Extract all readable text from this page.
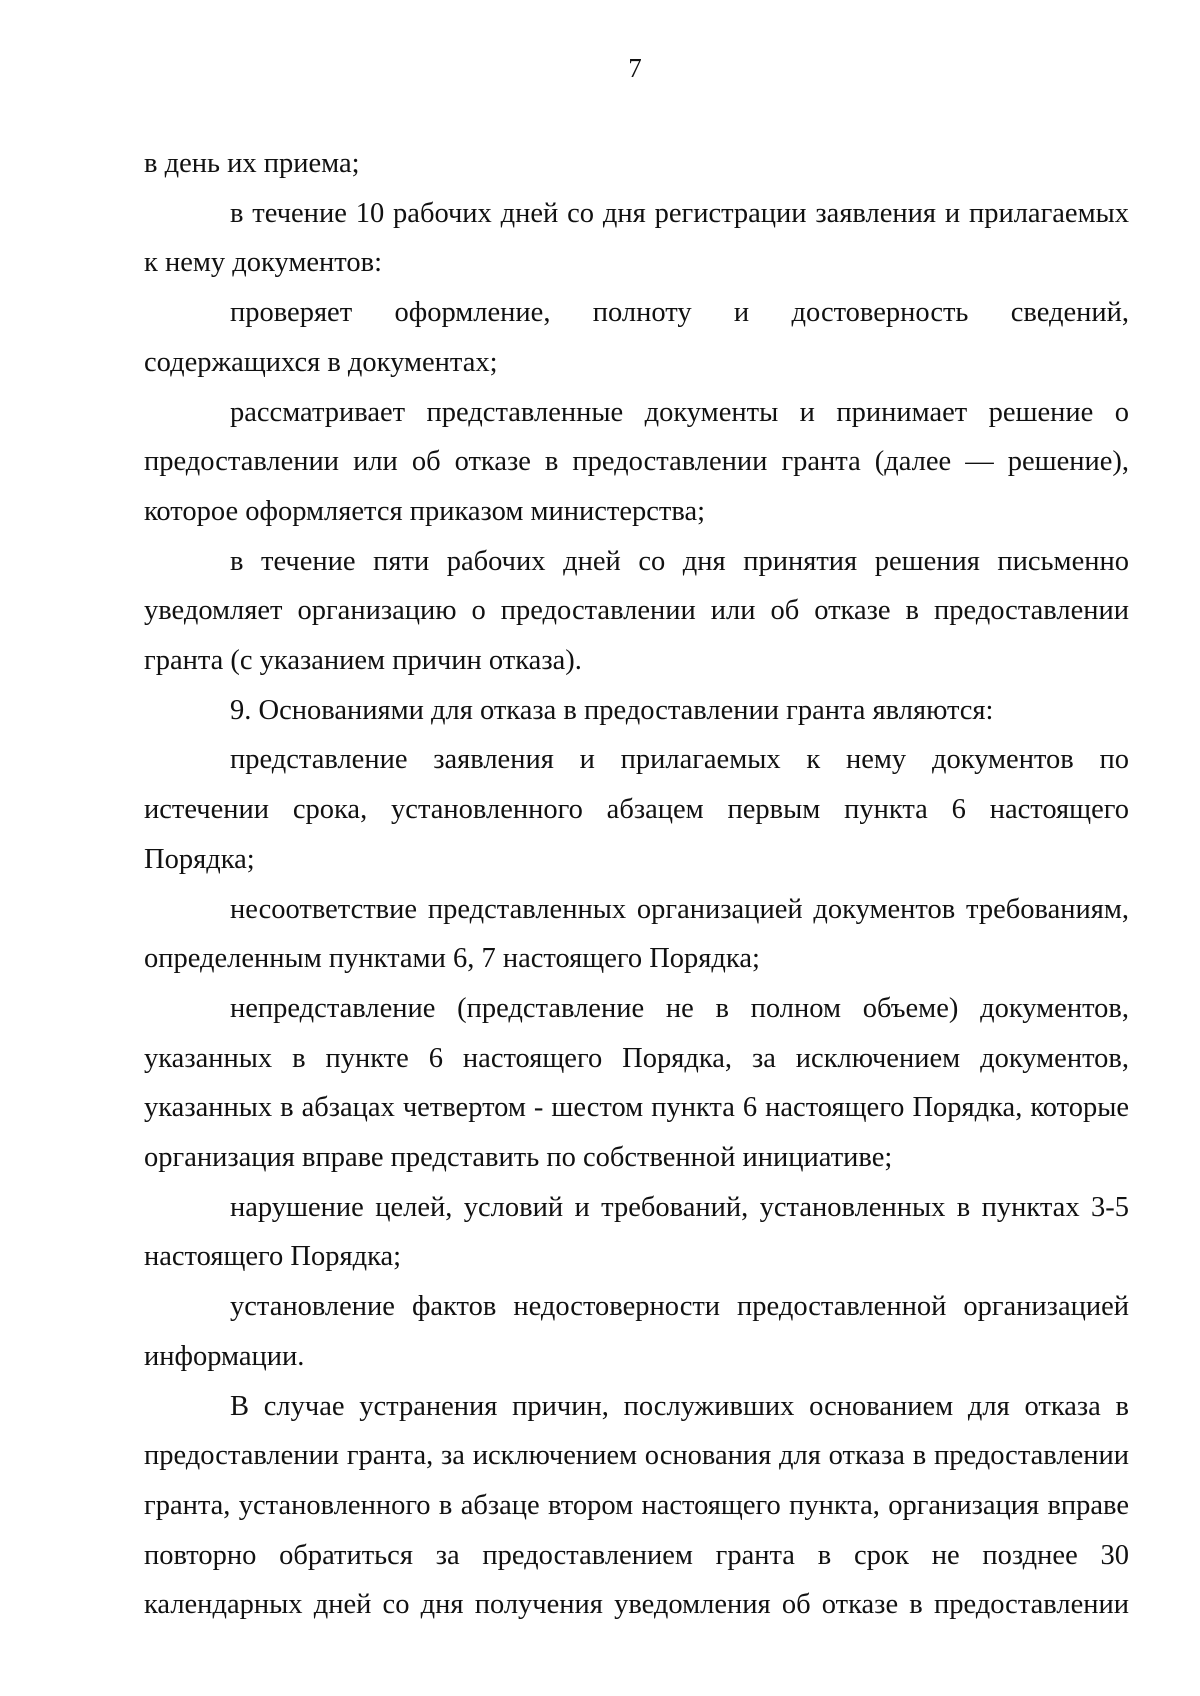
7

в день их приема;

в течение 10 рабочих дней со дня регистрации заявления и прилагаемых к нему документов:

проверяет оформление, полноту и достоверность сведений, содержащихся в документах;

рассматривает представленные документы и принимает решение о предоставлении или об отказе в предоставлении гранта (далее — решение), которое оформляется приказом министерства;

в течение пяти рабочих дней со дня принятия решения письменно уведомляет организацию о предоставлении или об отказе в предоставлении гранта (с указанием причин отказа).

9. Основаниями для отказа в предоставлении гранта являются:

представление заявления и прилагаемых к нему документов по истечении срока, установленного абзацем первым пункта 6 настоящего Порядка;

несоответствие представленных организацией документов требованиям, определенным пунктами 6, 7 настоящего Порядка;

непредставление (представление не в полном объеме) документов, указанных в пункте 6 настоящего Порядка, за исключением документов, указанных в абзацах четвертом - шестом пункта 6 настоящего Порядка, которые организация вправе представить по собственной инициативе;

нарушение целей, условий и требований, установленных в пунктах 3-5 настоящего Порядка;

установление фактов недостоверности предоставленной организацией информации.

В случае устранения причин, послуживших основанием для отказа в предоставлении гранта, за исключением основания для отказа в предоставлении гранта, установленного в абзаце втором настоящего пункта, организация вправе повторно обратиться за предоставлением гранта в срок не позднее 30 календарных дней со дня получения уведомления об отказе в предоставлении
